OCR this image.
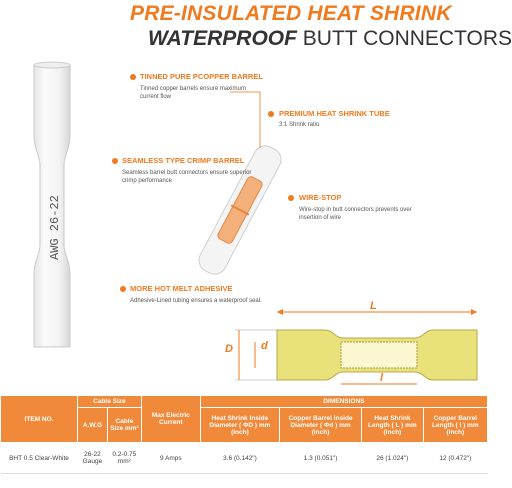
PRE-INSULATED HEAT SHRINK
WATERPROOF BUTT CONNECTORS
AWG 26-22
TINNED PURE PCOPPER BARREL
Tinned copper barrels ensure maximum current flow
PREMIUM HEAT SHRINK TUBE
3:1 Shrink ratio
SEAMLESS TYPE CRIMP BARREL
Seamless barrel butt connectors ensure superior crimp performance
WIRE-STOP
Wire-stop in butt connectors prevents over insertion of wire
MORE HOT MELT ADHESIVE
Adhesive-Lined tubing ensures a waterproof seal.	L
D	d
l
ITEM NO.	Cable Size		Max Electric Current	DIMENSIONS			
	A.W.G	Cable Size mm²		Heat Shrink Inside Diameter ( ΦD ) mm (inch)	Copper Barrel Inside Diameter ( Φd ) mm (inch)	Heat Shrink Length ( L ) mm (inch)	Copper Barrel Length ( l ) mm (inch)
BHT 0.5 Clear-White	26-22 Gauge	0.2-0.75 mm²	9 Amps	3.6 (0.142")	1.3 (0.051")	26 (1.024")	12 (0.472")
